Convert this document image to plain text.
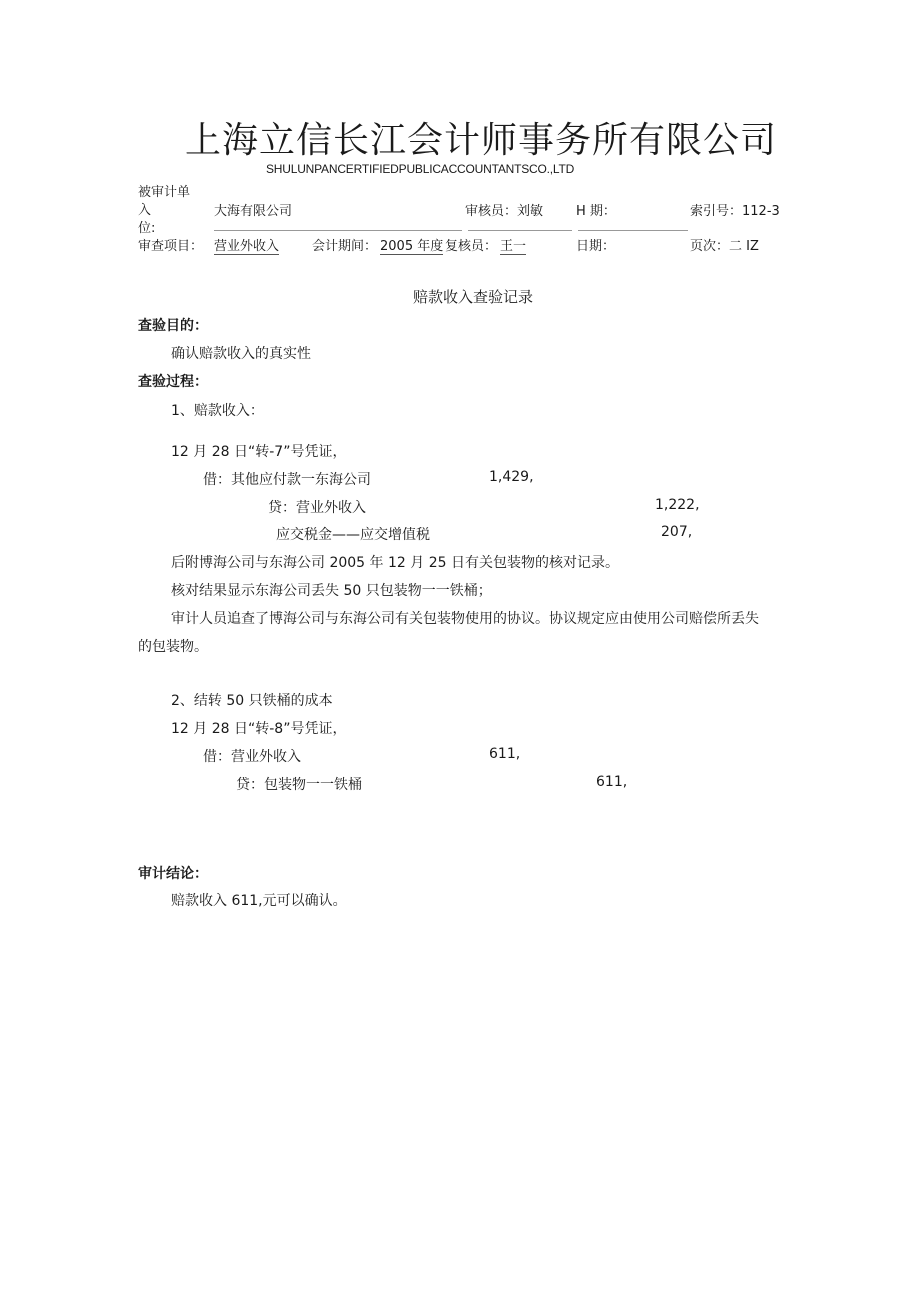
上海立信长江会计师事务所有限公司
SHULUNPANCERTIFIEDPUBLICACCOUNTANTSCO.,LTD
被审计单
入
位:
大海有限公司	审核员：刘敏	H 期：	索引号：112-3
审查项目： 营业外收入	会计期间： 2005 年度 复核员： 王一	日期：	页次：二 IZ
赔款收入查验记录
查验目的：
确认赔款收入的真实性
查验过程：
1、赔款收入：
12 月 28 日“转-7”号凭证，
借：其他应付款一东海公司	1,429,
贷：营业外收入	1,222,
应交税金——应交增值税	207,
后附博海公司与东海公司 2005 年 12 月 25 日有关包装物的核对记录。
核对结果显示东海公司丢失 50 只包装物一一铁桶；
审计人员追查了博海公司与东海公司有关包装物使用的协议。协议规定应由使用公司赔偿所丢失
的包装物。
2、结转 50 只铁桶的成本
12 月 28 日“转-8”号凭证，
借：营业外收入	611,
贷：包装物一一铁桶	611,
审计结论：
赔款收入 611,元可以确认。
